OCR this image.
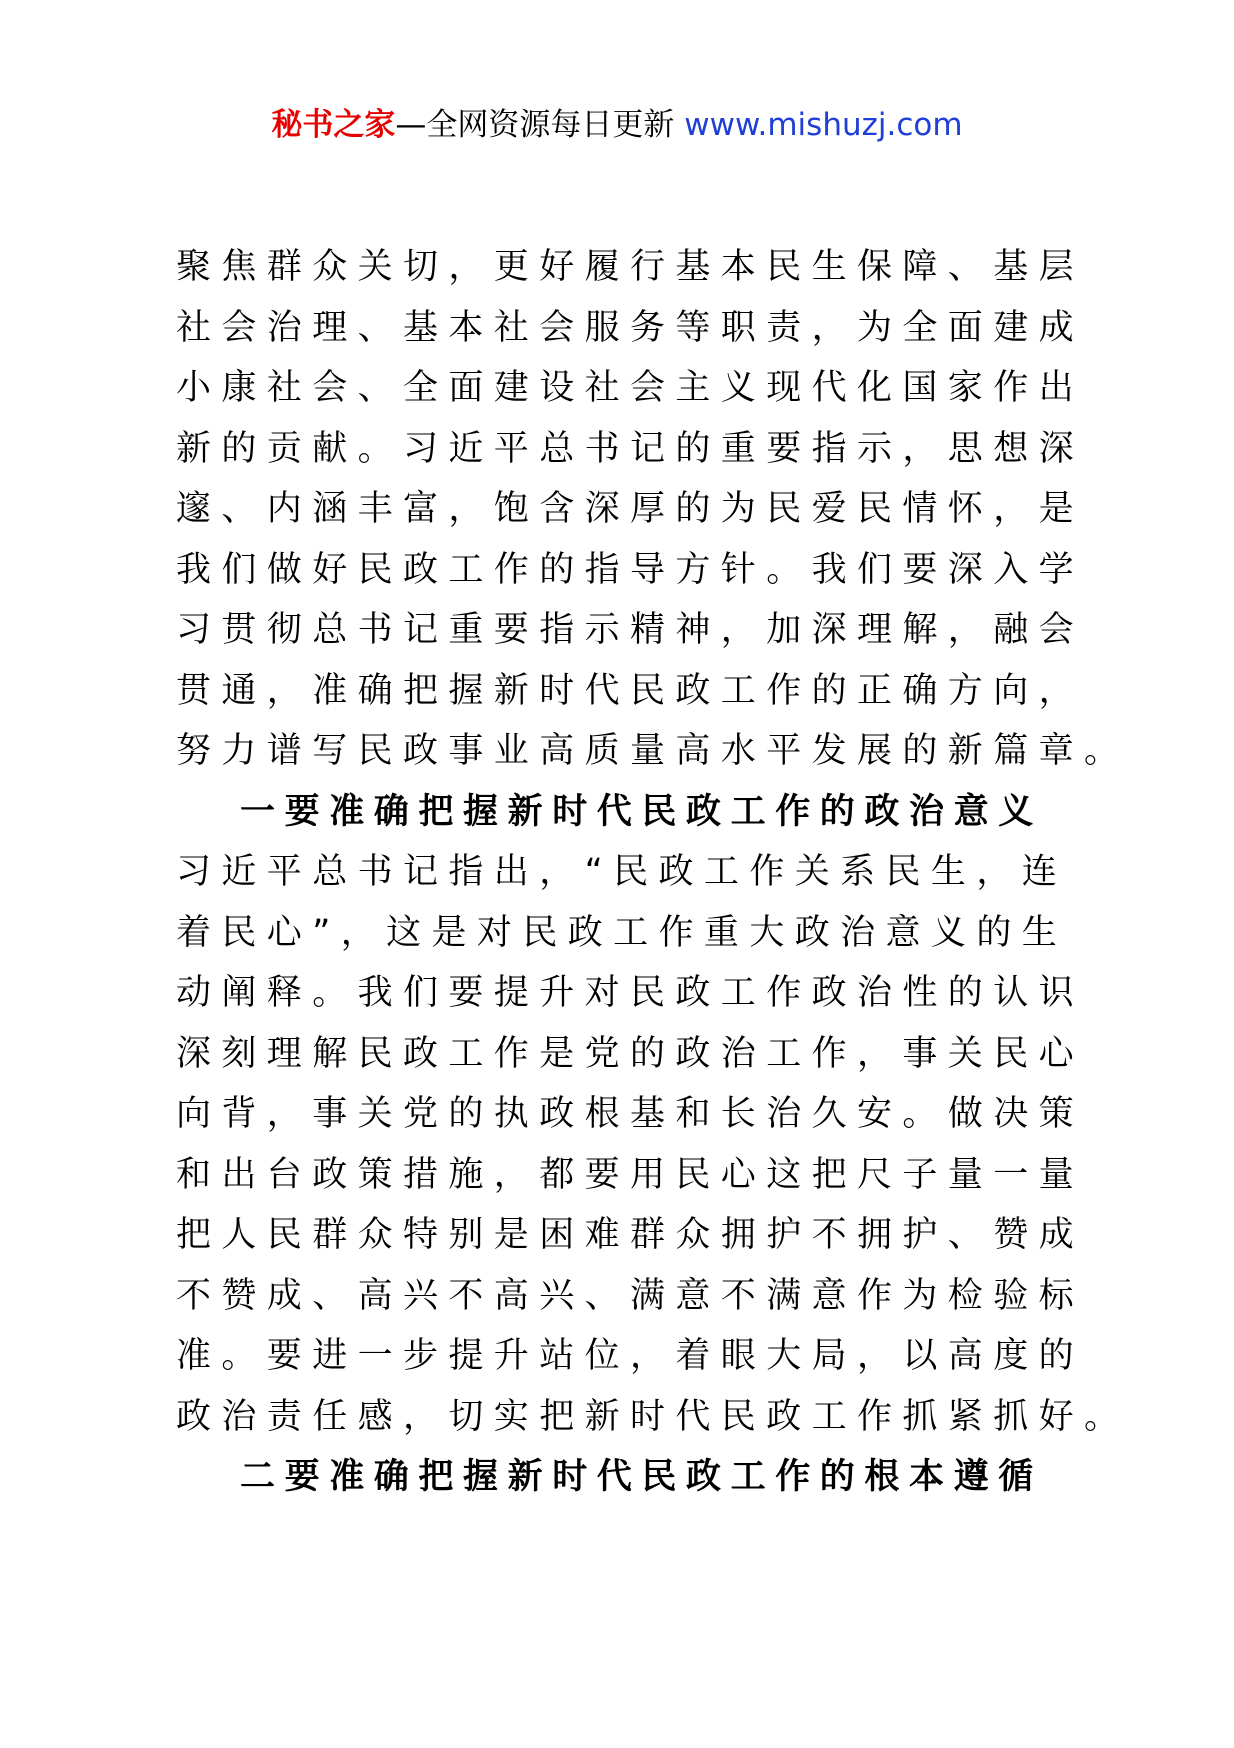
秘书之家—全网资源每日更新 www.mishuzj.com
聚焦群众关切，更好履行基本民生保障、基层
社会治理、基本社会服务等职责，为全面建成
小康社会、全面建设社会主义现代化国家作出
新的贡献。习近平总书记的重要指示，思想深
邃、内涵丰富，饱含深厚的为民爱民情怀，是
我们做好民政工作的指导方针。我们要深入学
习贯彻总书记重要指示精神，加深理解，融会
贯通，准确把握新时代民政工作的正确方向，
努力谱写民政事业高质量高水平发展的新篇章。
一要准确把握新时代民政工作的政治意义
习近平总书记指出，“民政工作关系民生，连
着民心”，这是对民政工作重大政治意义的生
动阐释。我们要提升对民政工作政治性的认识
深刻理解民政工作是党的政治工作，事关民心
向背，事关党的执政根基和长治久安。做决策
和出台政策措施，都要用民心这把尺子量一量
把人民群众特别是困难群众拥护不拥护、赞成
不赞成、高兴不高兴、满意不满意作为检验标
准。要进一步提升站位，着眼大局，以高度的
政治责任感，切实把新时代民政工作抓紧抓好。
二要准确把握新时代民政工作的根本遵循
